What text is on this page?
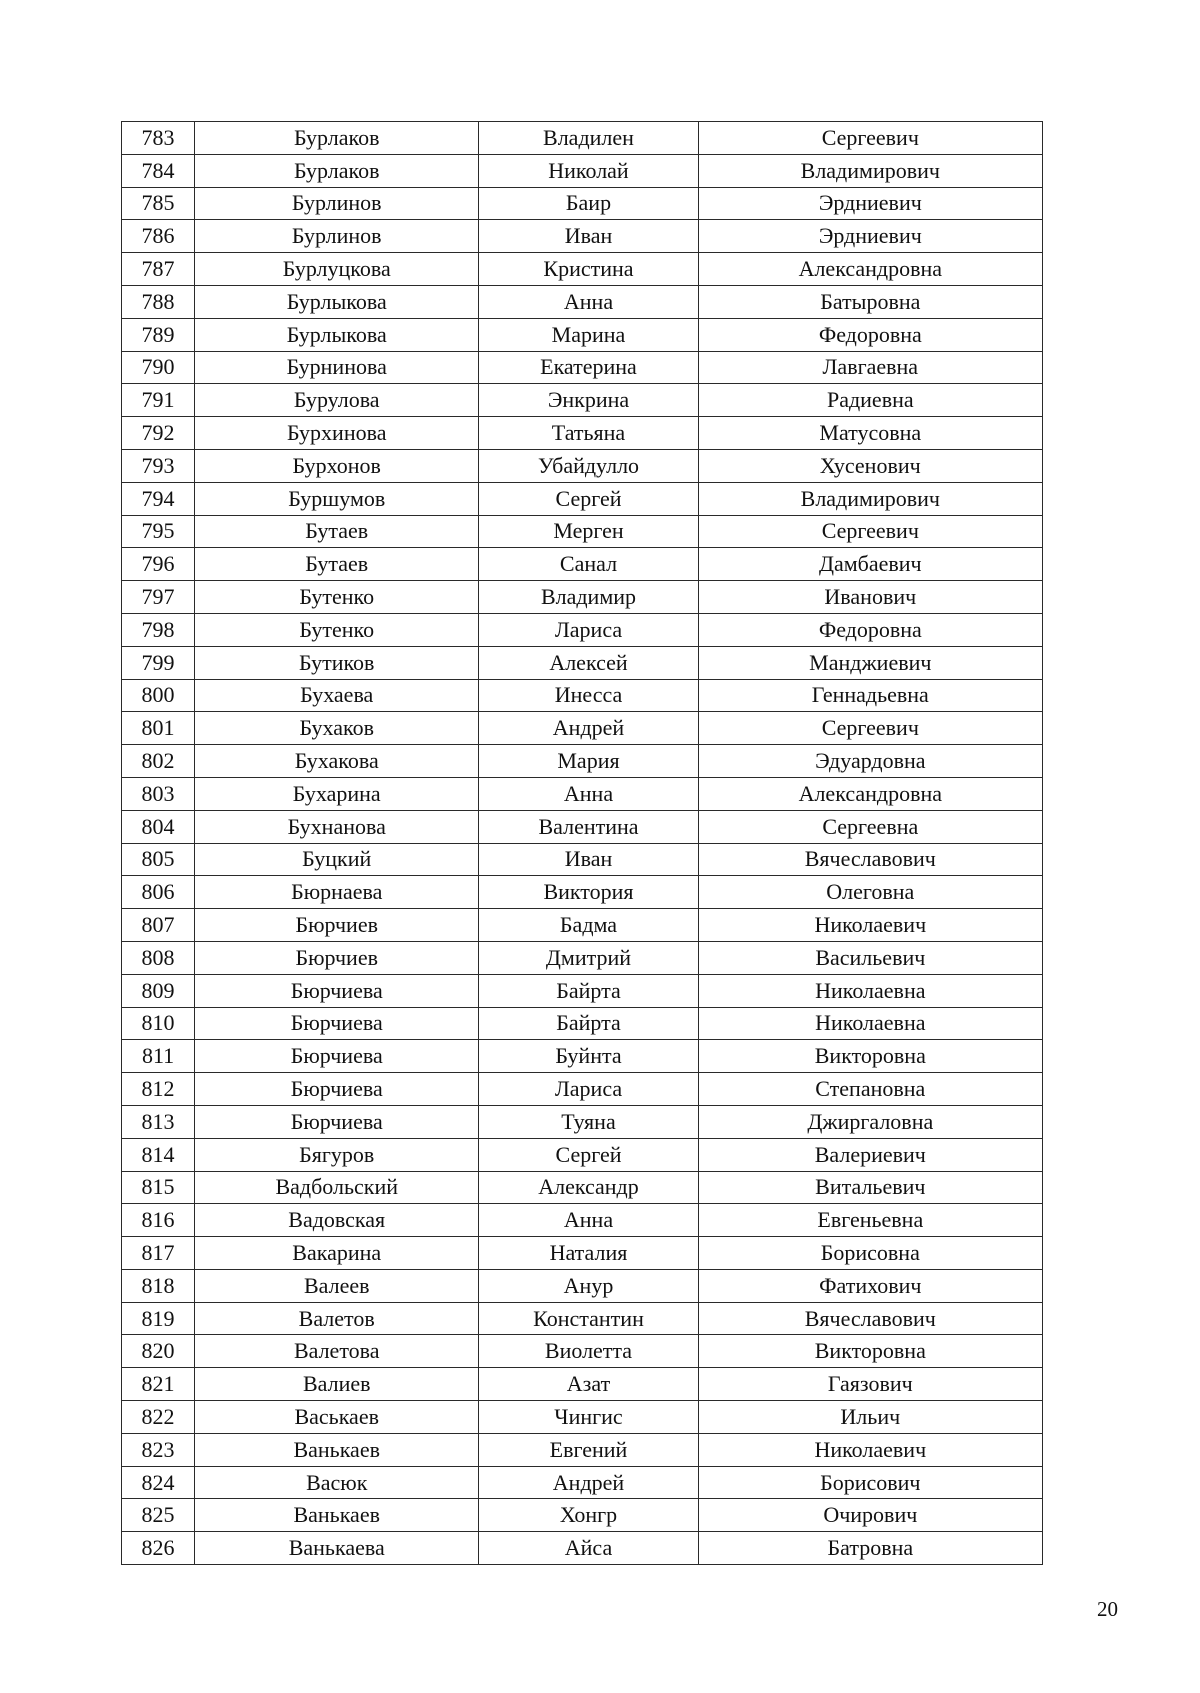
783	Бурлаков	Владилен	Сергеевич
784	Бурлаков	Николай	Владимирович
785	Бурлинов	Баир	Эрдниевич
786	Бурлинов	Иван	Эрдниевич
787	Бурлуцкова	Кристина	Александровна
788	Бурлыкова	Анна	Батыровна
789	Бурлыкова	Марина	Федоровна
790	Бурнинова	Екатерина	Лавгаевна
791	Бурулова	Энкрина	Радиевна
792	Бурхинова	Татьяна	Матусовна
793	Бурхонов	Убайдулло	Хусенович
794	Буршумов	Сергей	Владимирович
795	Бутаев	Мерген	Сергеевич
796	Бутаев	Санал	Дамбаевич
797	Бутенко	Владимир	Иванович
798	Бутенко	Лариса	Федоровна
799	Бутиков	Алексей	Манджиевич
800	Бухаева	Инесса	Геннадьевна
801	Бухаков	Андрей	Сергеевич
802	Бухакова	Мария	Эдуардовна
803	Бухарина	Анна	Александровна
804	Бухнанова	Валентина	Сергеевна
805	Буцкий	Иван	Вячеславович
806	Бюрнаева	Виктория	Олеговна
807	Бюрчиев	Бадма	Николаевич
808	Бюрчиев	Дмитрий	Васильевич
809	Бюрчиева	Байрта	Николаевна
810	Бюрчиева	Байрта	Николаевна
811	Бюрчиева	Буйнта	Викторовна
812	Бюрчиева	Лариса	Степановна
813	Бюрчиева	Туяна	Джиргаловна
814	Бягуров	Сергей	Валериевич
815	Вадбольский	Александр	Витальевич
816	Вадовская	Анна	Евгеньевна
817	Вакарина	Наталия	Борисовна
818	Валеев	Анур	Фатихович
819	Валетов	Константин	Вячеславович
820	Валетова	Виолетта	Викторовна
821	Валиев	Азат	Гаязович
822	Васькаев	Чингис	Ильич
823	Ванькаев	Евгений	Николаевич
824	Васюк	Андрей	Борисович
825	Ванькаев	Хонгр	Очирович
826	Ванькаева	Айса	Батровна
20
